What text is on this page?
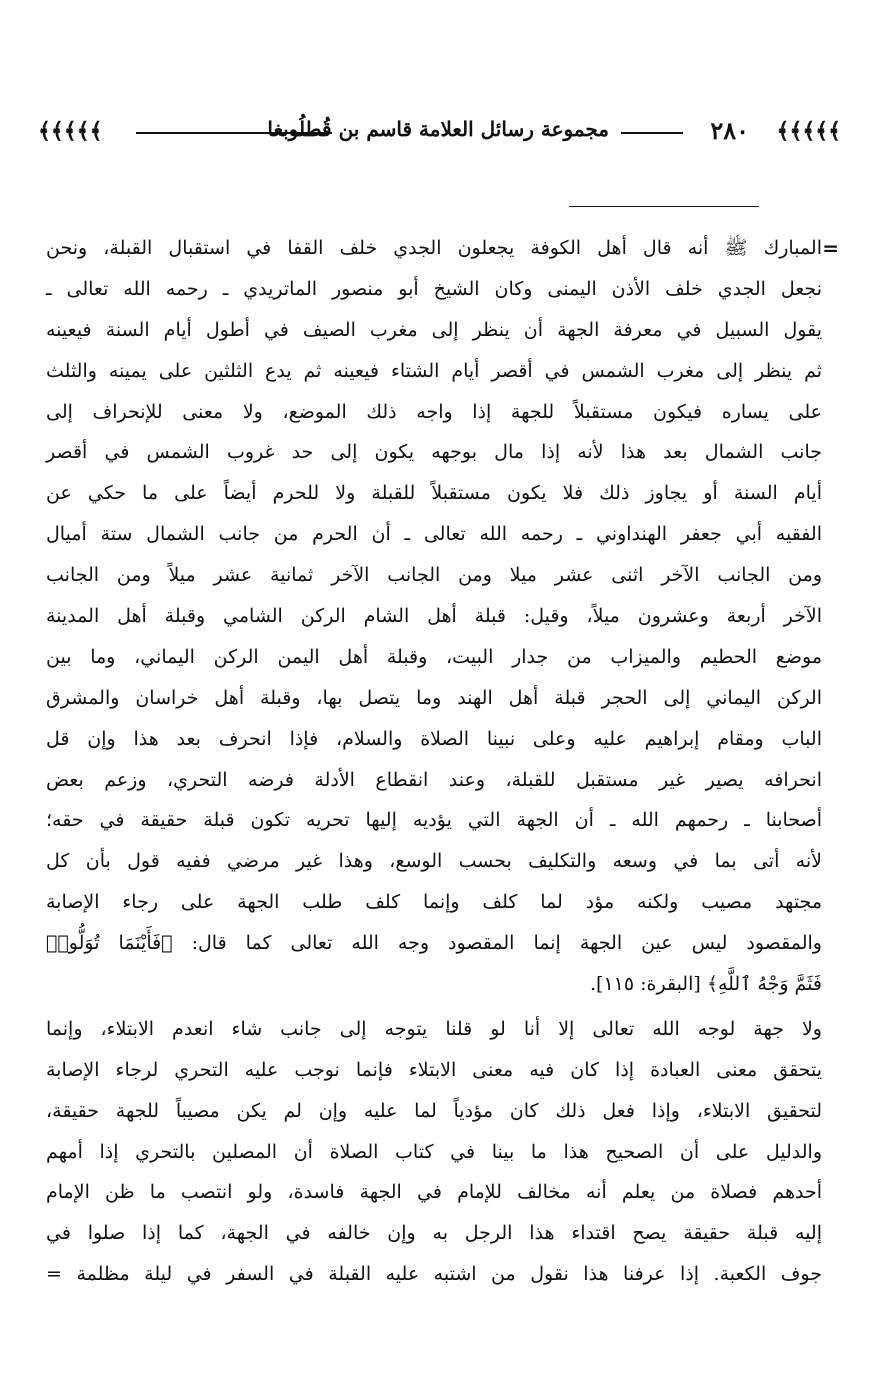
﴾﴾﴾﴾﴾
٢٨٠
مجموعة رسائل العلامة قاسم بن قُطلُوبغا
﴾﴾﴾﴾﴾
=
المبارك ﷺ أنه قال أهل الكوفة يجعلون الجدي خلف القفا في استقبال القبلة، ونحن
نجعل الجدي خلف الأذن اليمنى وكان الشيخ أبو منصور الماتريدي ـ رحمه الله تعالى ـ
يقول السبيل في معرفة الجهة أن ينظر إلى مغرب الصيف في أطول أيام السنة فيعينه
ثم ينظر إلى مغرب الشمس في أقصر أيام الشتاء فيعينه ثم يدع الثلثين على يمينه والثلث
على يساره فيكون مستقبلاً للجهة إذا واجه ذلك الموضع، ولا معنى للإنحراف إلى
جانب الشمال بعد هذا لأنه إذا مال بوجهه يكون إلى حد غروب الشمس في أقصر
أيام السنة أو يجاوز ذلك فلا يكون مستقبلاً للقبلة ولا للحرم أيضاً على ما حكي عن
الفقيه أبي جعفر الهنداوني ـ رحمه الله تعالى ـ أن الحرم من جانب الشمال ستة أميال
ومن الجانب الآخر اثنى عشر ميلا ومن الجانب الآخر ثمانية عشر ميلاً ومن الجانب
الآخر أربعة وعشرون ميلاً، وقيل: قبلة أهل الشام الركن الشامي وقبلة أهل المدينة
موضع الحطيم والميزاب من جدار البيت، وقبلة أهل اليمن الركن اليماني، وما بين
الركن اليماني إلى الحجر قبلة أهل الهند وما يتصل بها، وقبلة أهل خراسان والمشرق
الباب ومقام إبراهيم عليه وعلى نبينا الصلاة والسلام، فإذا انحرف بعد هذا وإن قل
انحرافه يصير غير مستقبل للقبلة، وعند انقطاع الأدلة فرضه التحري، وزعم بعض
أصحابنا ـ رحمهم الله ـ أن الجهة التي يؤديه إليها تحريه تكون قبلة حقيقة في حقه؛
لأنه أتى بما في وسعه والتكليف بحسب الوسع، وهذا غير مرضي ففيه قول بأن كل
مجتهد مصيب ولكنه مؤد لما كلف وإنما كلف طلب الجهة على رجاء الإصابة
والمقصود ليس عين الجهة إنما المقصود وجه الله تعالى كما قال: ﴿فَأَيْنَمَا تُوَلُّوا۟
فَثَمَّ وَجْهُ ٱللَّهِ﴾ [البقرة: ١١٥].
ولا جهة لوجه الله تعالى إلا أنا لو قلنا يتوجه إلى جانب شاء انعدم الابتلاء، وإنما
يتحقق معنى العبادة إذا كان فيه معنى الابتلاء فإنما نوجب عليه التحري لرجاء الإصابة
لتحقيق الابتلاء، وإذا فعل ذلك كان مؤدياً لما عليه وإن لم يكن مصيباً للجهة حقيقة،
والدليل على أن الصحيح هذا ما بينا في كتاب الصلاة أن المصلين بالتحري إذا أمهم
أحدهم فصلاة من يعلم أنه مخالف للإمام في الجهة فاسدة، ولو انتصب ما ظن الإمام
إليه قبلة حقيقة يصح اقتداء هذا الرجل به وإن خالفه في الجهة، كما إذا صلوا في
جوف الكعبة. إذا عرفنا هذا نقول من اشتبه عليه القبلة في السفر في ليلة مظلمة =
